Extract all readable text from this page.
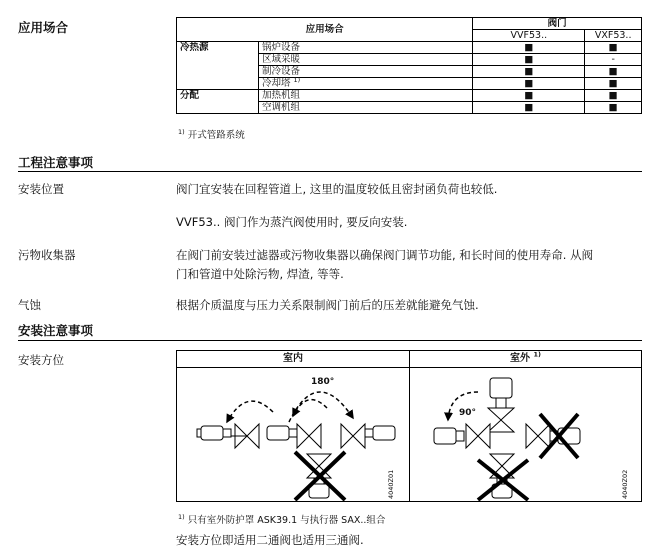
应用场合	应用场合		阀门	
		VVF53..	VXF53..
冷热源	锅炉设备	■	■
	区域采暖	■	-
	制冷设备	■	■
	冷却塔 $^{1)}$	■	■
分配	加热机组	■	■
	空调机组	■	■
$^{1)}$ 开式管路系统
工程注意事项
安装位置	阀门宜安装在回程管道上, 这里的温度较低且密封函负荷也较低.
VVF53.. 阀门作为蒸汽阀使用时, 要反向安装.
污物收集器	在阀门前安装过滤器或污物收集器以确保阀门调节功能, 和长时间的使用寿命. 从阀
门和管道中处除污物, 焊渣, 等等.
气蚀	根据介质温度与压力关系限制阀门前后的压差就能避免气蚀.
安装注意事项
安装方位	室内	室外 $^{1)}$
180°
4040Z01
90°
4040Z02
$^{1)}$ 只有室外防护罩 ASK39.1 与执行器 SAX..组合
安装方位即适用二通阀也适用三通阀.
